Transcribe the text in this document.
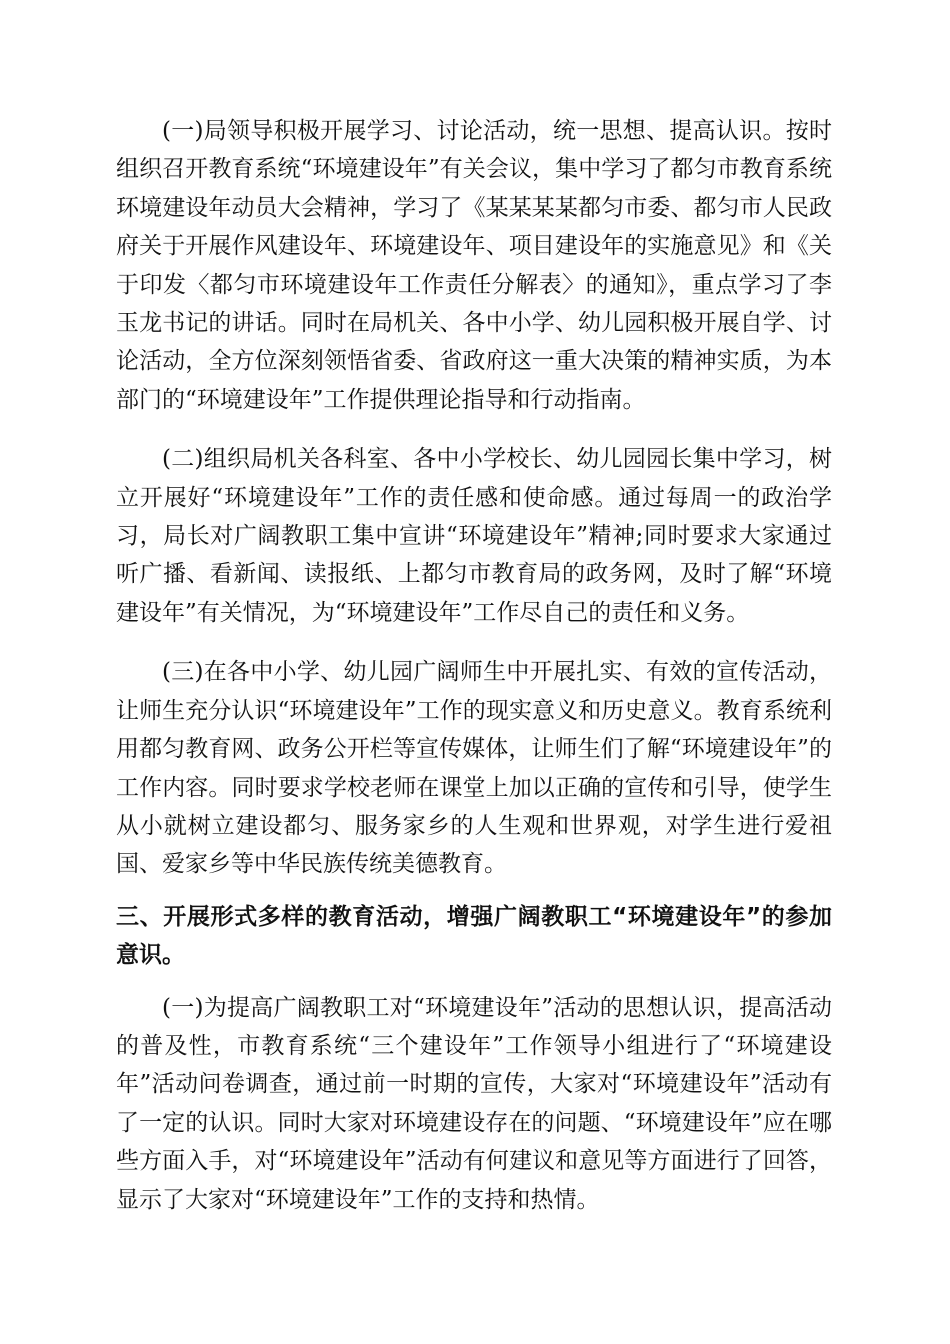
(一)局领导积极开展学习、讨论活动，统一思想、提高认识。按时组织召开教育系统“环境建设年”有关会议，集中学习了都匀市教育系统环境建设年动员大会精神，学习了《某某某某都匀市委、都匀市人民政府关于开展作风建设年、环境建设年、项目建设年的实施意见》和《关于印发〈都匀市环境建设年工作责任分解表〉的通知》，重点学习了李玉龙书记的讲话。同时在局机关、各中小学、幼儿园积极开展自学、讨论活动，全方位深刻领悟省委、省政府这一重大决策的精神实质，为本部门的“环境建设年”工作提供理论指导和行动指南。

(二)组织局机关各科室、各中小学校长、幼儿园园长集中学习，树立开展好“环境建设年”工作的责任感和使命感。通过每周一的政治学习，局长对广阔教职工集中宣讲“环境建设年”精神;同时要求大家通过听广播、看新闻、读报纸、上都匀市教育局的政务网，及时了解“环境建设年”有关情况，为“环境建设年”工作尽自己的责任和义务。

(三)在各中小学、幼儿园广阔师生中开展扎实、有效的宣传活动，让师生充分认识“环境建设年”工作的现实意义和历史意义。教育系统利用都匀教育网、政务公开栏等宣传媒体，让师生们了解“环境建设年”的工作内容。同时要求学校老师在课堂上加以正确的宣传和引导，使学生从小就树立建设都匀、服务家乡的人生观和世界观，对学生进行爱祖国、爱家乡等中华民族传统美德教育。

三、开展形式多样的教育活动，增强广阔教职工“环境建设年”的参加意识。

(一)为提高广阔教职工对“环境建设年”活动的思想认识，提高活动的普及性，市教育系统“三个建设年”工作领导小组进行了“环境建设年”活动问卷调查，通过前一时期的宣传，大家对“环境建设年”活动有了一定的认识。同时大家对环境建设存在的问题、“环境建设年”应在哪些方面入手，对“环境建设年”活动有何建议和意见等方面进行了回答，显示了大家对“环境建设年”工作的支持和热情。
